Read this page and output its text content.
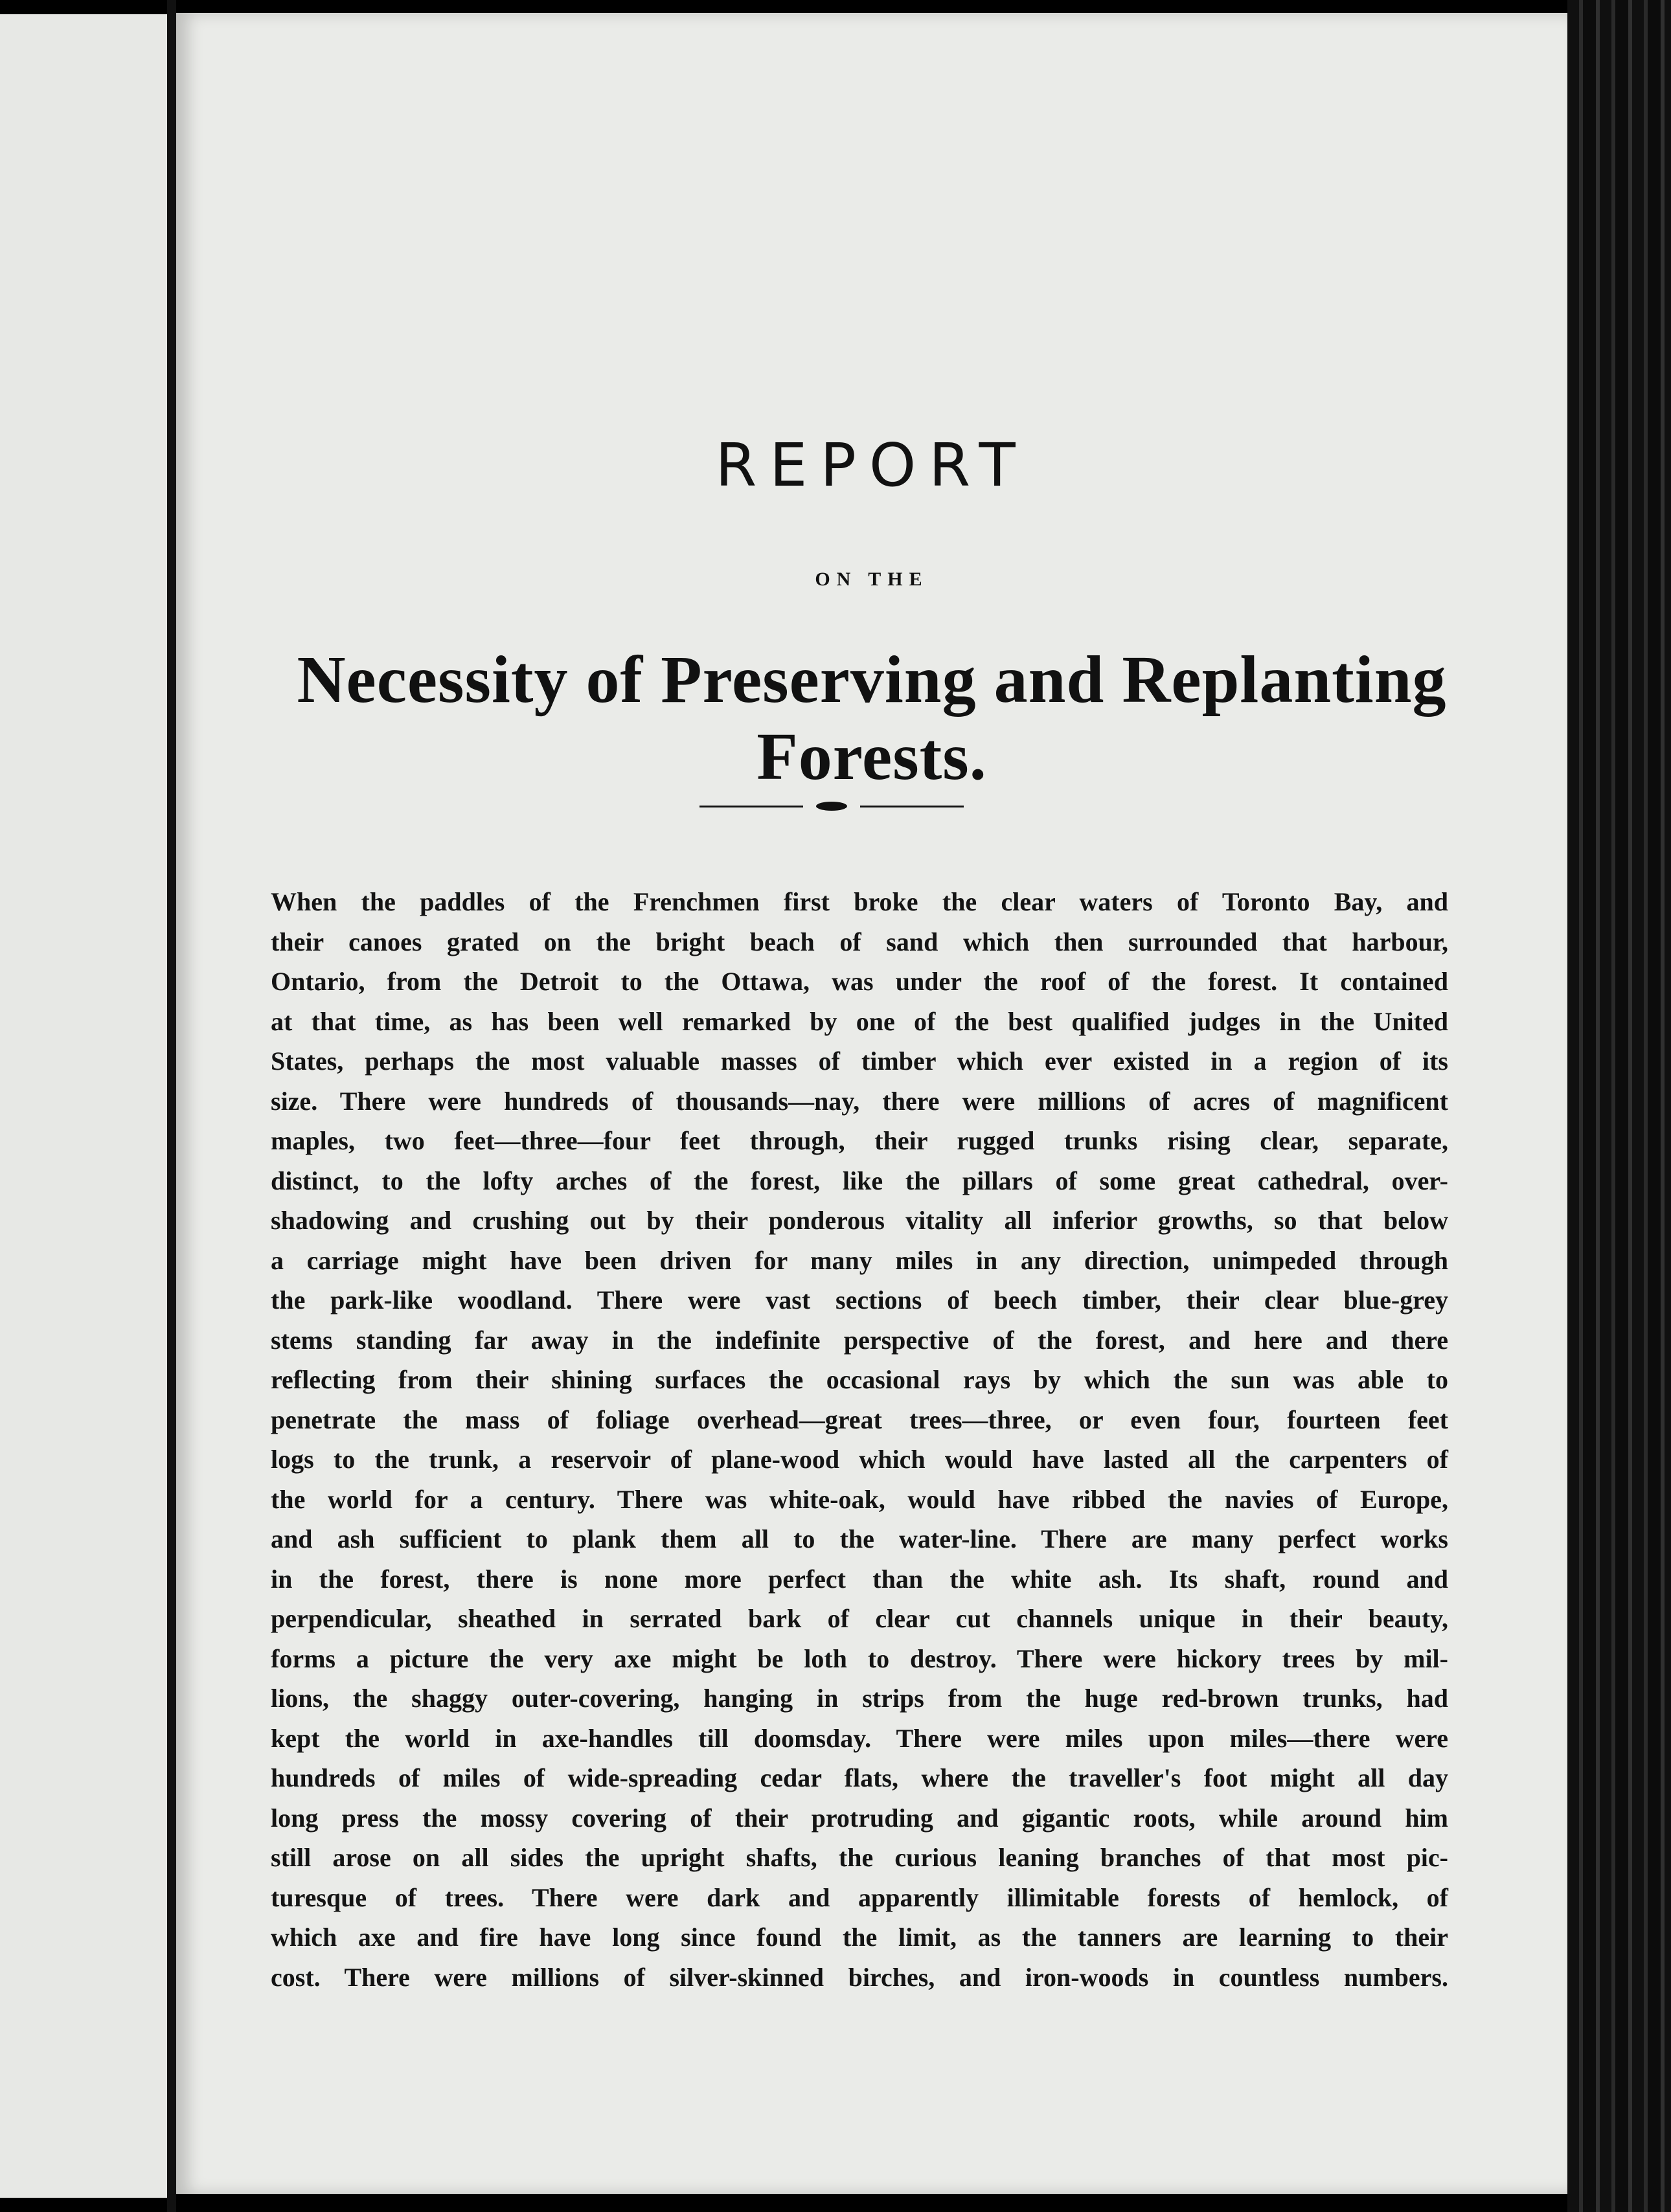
REPORT
ON THE
Necessity of Preserving and Replanting Forests.
When the paddles of the Frenchmen first broke the clear waters of Toronto Bay, and
their canoes grated on the bright beach of sand which then surrounded that harbour,
Ontario, from the Detroit to the Ottawa, was under the roof of the forest. It contained
at that time, as has been well remarked by one of the best qualified judges in the United
States, perhaps the most valuable masses of timber which ever existed in a region of its
size. There were hundreds of thousands—nay, there were millions of acres of magnificent
maples, two feet—three—four feet through, their rugged trunks rising clear, separate,
distinct, to the lofty arches of the forest, like the pillars of some great cathedral, over-
shadowing and crushing out by their ponderous vitality all inferior growths, so that below
a carriage might have been driven for many miles in any direction, unimpeded through
the park-like woodland. There were vast sections of beech timber, their clear blue-grey
stems standing far away in the indefinite perspective of the forest, and here and there
reflecting from their shining surfaces the occasional rays by which the sun was able to
penetrate the mass of foliage overhead—great trees—three, or even four, fourteen feet
logs to the trunk, a reservoir of plane-wood which would have lasted all the carpenters of
the world for a century. There was white-oak, would have ribbed the navies of Europe,
and ash sufficient to plank them all to the water-line. There are many perfect works
in the forest, there is none more perfect than the white ash. Its shaft, round and
perpendicular, sheathed in serrated bark of clear cut channels unique in their beauty,
forms a picture the very axe might be loth to destroy. There were hickory trees by mil-
lions, the shaggy outer-covering, hanging in strips from the huge red-brown trunks, had
kept the world in axe-handles till doomsday. There were miles upon miles—there were
hundreds of miles of wide-spreading cedar flats, where the traveller's foot might all day
long press the mossy covering of their protruding and gigantic roots, while around him
still arose on all sides the upright shafts, the curious leaning branches of that most pic-
turesque of trees. There were dark and apparently illimitable forests of hemlock, of
which axe and fire have long since found the limit, as the tanners are learning to their
cost. There were millions of silver-skinned birches, and iron-woods in countless numbers.
